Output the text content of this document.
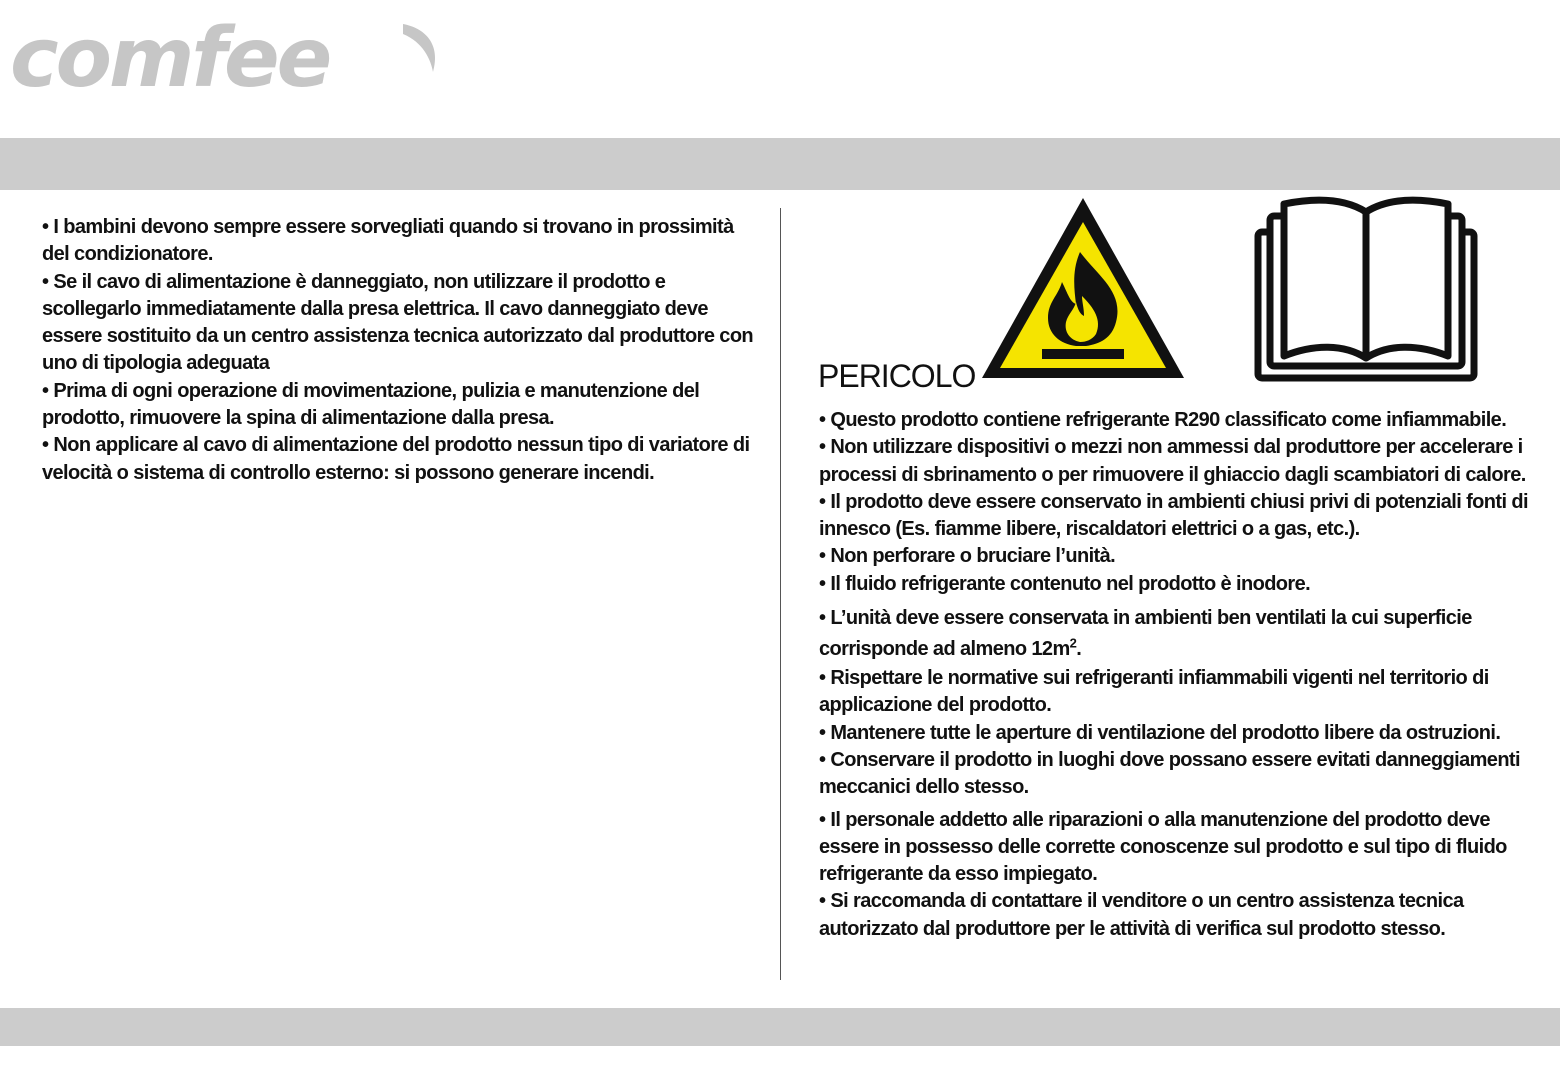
comfee

• I bambini devono sempre essere sorvegliati quando si trovano in prossimità del condizionatore.

• Se il cavo di alimentazione è danneggiato, non utilizzare il prodotto e scollegarlo immediatamente dalla presa elettrica. Il cavo danneggiato deve essere sostituito da un centro assistenza tecnica autorizzato dal produttore con uno di tipologia adeguata

• Prima di ogni operazione di movimentazione, pulizia e manutenzione del prodotto, rimuovere la spina di alimentazione dalla presa.

• Non applicare al cavo di alimentazione del prodotto nessun tipo di variatore di velocità o sistema di controllo esterno: si possono generare incendi.

PERICOLO

• Questo prodotto contiene refrigerante R290 classificato come infiammabile.

• Non utilizzare dispositivi o mezzi non ammessi dal produttore per accelerare i processi di sbrinamento o per rimuovere il ghiaccio dagli scambiatori di calore.

• Il prodotto deve essere conservato in ambienti chiusi privi di potenziali fonti di innesco (Es. fiamme libere, riscaldatori elettrici o a gas, etc.).

• Non perforare o bruciare l’unità.

• Il fluido refrigerante contenuto nel prodotto è inodore.

• L’unità deve essere conservata in ambienti ben ventilati la cui superficie corrisponde ad almeno $12m^2$.

• Rispettare le normative sui refrigeranti infiammabili vigenti nel territorio di applicazione del prodotto.

• Mantenere tutte le aperture di ventilazione del prodotto libere da ostruzioni.

• Conservare il prodotto in luoghi dove possano essere evitati danneggiamenti meccanici dello stesso.

• Il personale addetto alle riparazioni o alla manutenzione del prodotto deve essere in possesso delle corrette conoscenze sul prodotto e sul tipo di fluido refrigerante da esso impiegato.

• Si raccomanda di contattare il venditore o un centro assistenza tecnica autorizzato dal produttore per le attività di verifica sul prodotto stesso.
